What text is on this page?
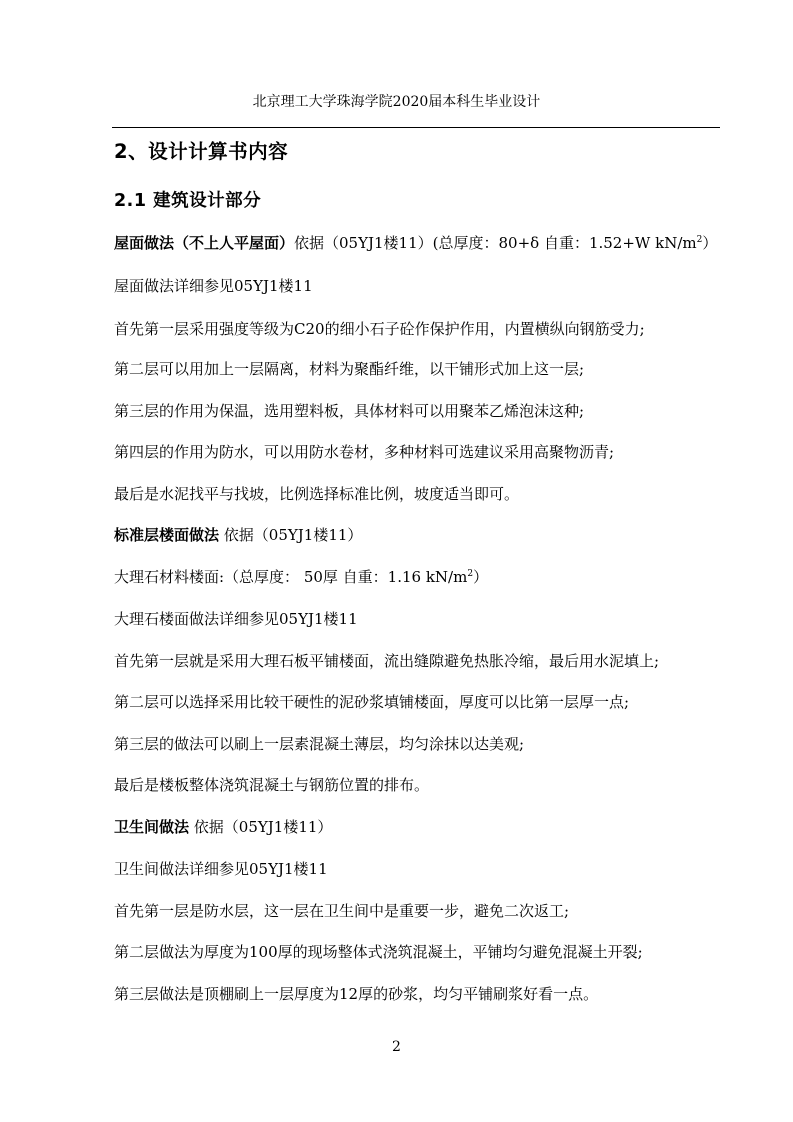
北京理工大学珠海学院2020届本科生毕业设计
2、设计计算书内容
2.1 建筑设计部分
屋面做法（不上人平屋面）依据（05YJ1楼11）(总厚度：80+δ 自重：1.52+W $kN/m^2$）
屋面做法详细参见05YJ1楼11
首先第一层采用强度等级为C20的细小石子砼作保护作用，内置横纵向钢筋受力;
第二层可以用加上一层隔离，材料为聚酯纤维，以干铺形式加上这一层;
第三层的作用为保温，选用塑料板，具体材料可以用聚苯乙烯泡沫这种;
第四层的作用为防水，可以用防水卷材，多种材料可选建议采用高聚物沥青;
最后是水泥找平与找坡，比例选择标准比例，坡度适当即可。
标准层楼面做法 依据（05YJ1楼11）
大理石材料楼面:（总厚度： 50厚 自重：1.16 $kN/m^2$）
大理石楼面做法详细参见05YJ1楼11
首先第一层就是采用大理石板平铺楼面，流出缝隙避免热胀冷缩，最后用水泥填上;
第二层可以选择采用比较干硬性的泥砂浆填铺楼面，厚度可以比第一层厚一点;
第三层的做法可以刷上一层素混凝土薄层，均匀涂抹以达美观;
最后是楼板整体浇筑混凝土与钢筋位置的排布。
卫生间做法 依据（05YJ1楼11）
卫生间做法详细参见05YJ1楼11
首先第一层是防水层，这一层在卫生间中是重要一步，避免二次返工;
第二层做法为厚度为100厚的现场整体式浇筑混凝土，平铺均匀避免混凝土开裂;
第三层做法是顶棚刷上一层厚度为12厚的砂浆，均匀平铺刷浆好看一点。
2
